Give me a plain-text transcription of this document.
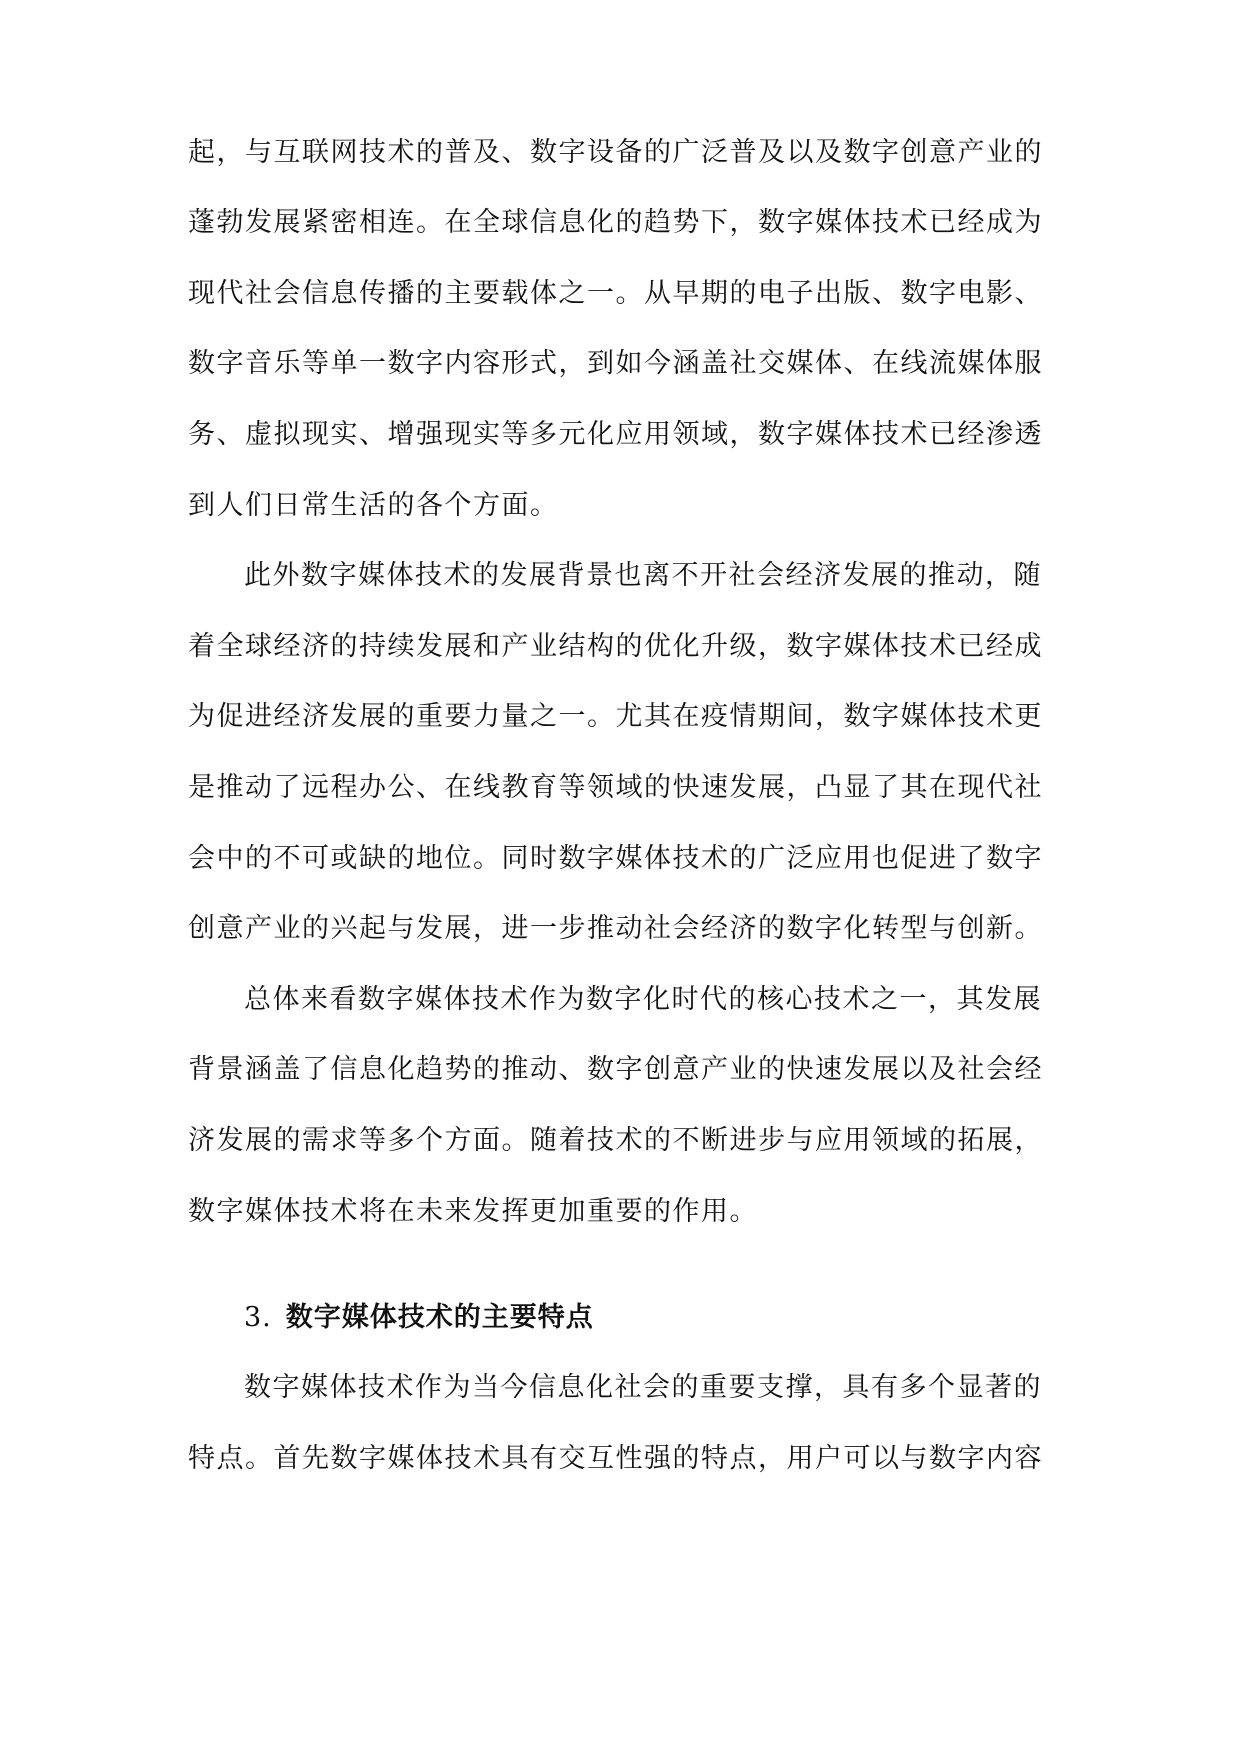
起，与互联网技术的普及、数字设备的广泛普及以及数字创意产业的
蓬勃发展紧密相连。在全球信息化的趋势下，数字媒体技术已经成为
现代社会信息传播的主要载体之一。从早期的电子出版、数字电影、
数字音乐等单一数字内容形式，到如今涵盖社交媒体、在线流媒体服
务、虚拟现实、增强现实等多元化应用领域，数字媒体技术已经渗透
到人们日常生活的各个方面。
此外数字媒体技术的发展背景也离不开社会经济发展的推动，随
着全球经济的持续发展和产业结构的优化升级，数字媒体技术已经成
为促进经济发展的重要力量之一。尤其在疫情期间，数字媒体技术更
是推动了远程办公、在线教育等领域的快速发展，凸显了其在现代社
会中的不可或缺的地位。同时数字媒体技术的广泛应用也促进了数字
创意产业的兴起与发展，进一步推动社会经济的数字化转型与创新。
总体来看数字媒体技术作为数字化时代的核心技术之一，其发展
背景涵盖了信息化趋势的推动、数字创意产业的快速发展以及社会经
济发展的需求等多个方面。随着技术的不断进步与应用领域的拓展，
数字媒体技术将在未来发挥更加重要的作用。
3. 数字媒体技术的主要特点
数字媒体技术作为当今信息化社会的重要支撑，具有多个显著的
特点。首先数字媒体技术具有交互性强的特点，用户可以与数字内容
